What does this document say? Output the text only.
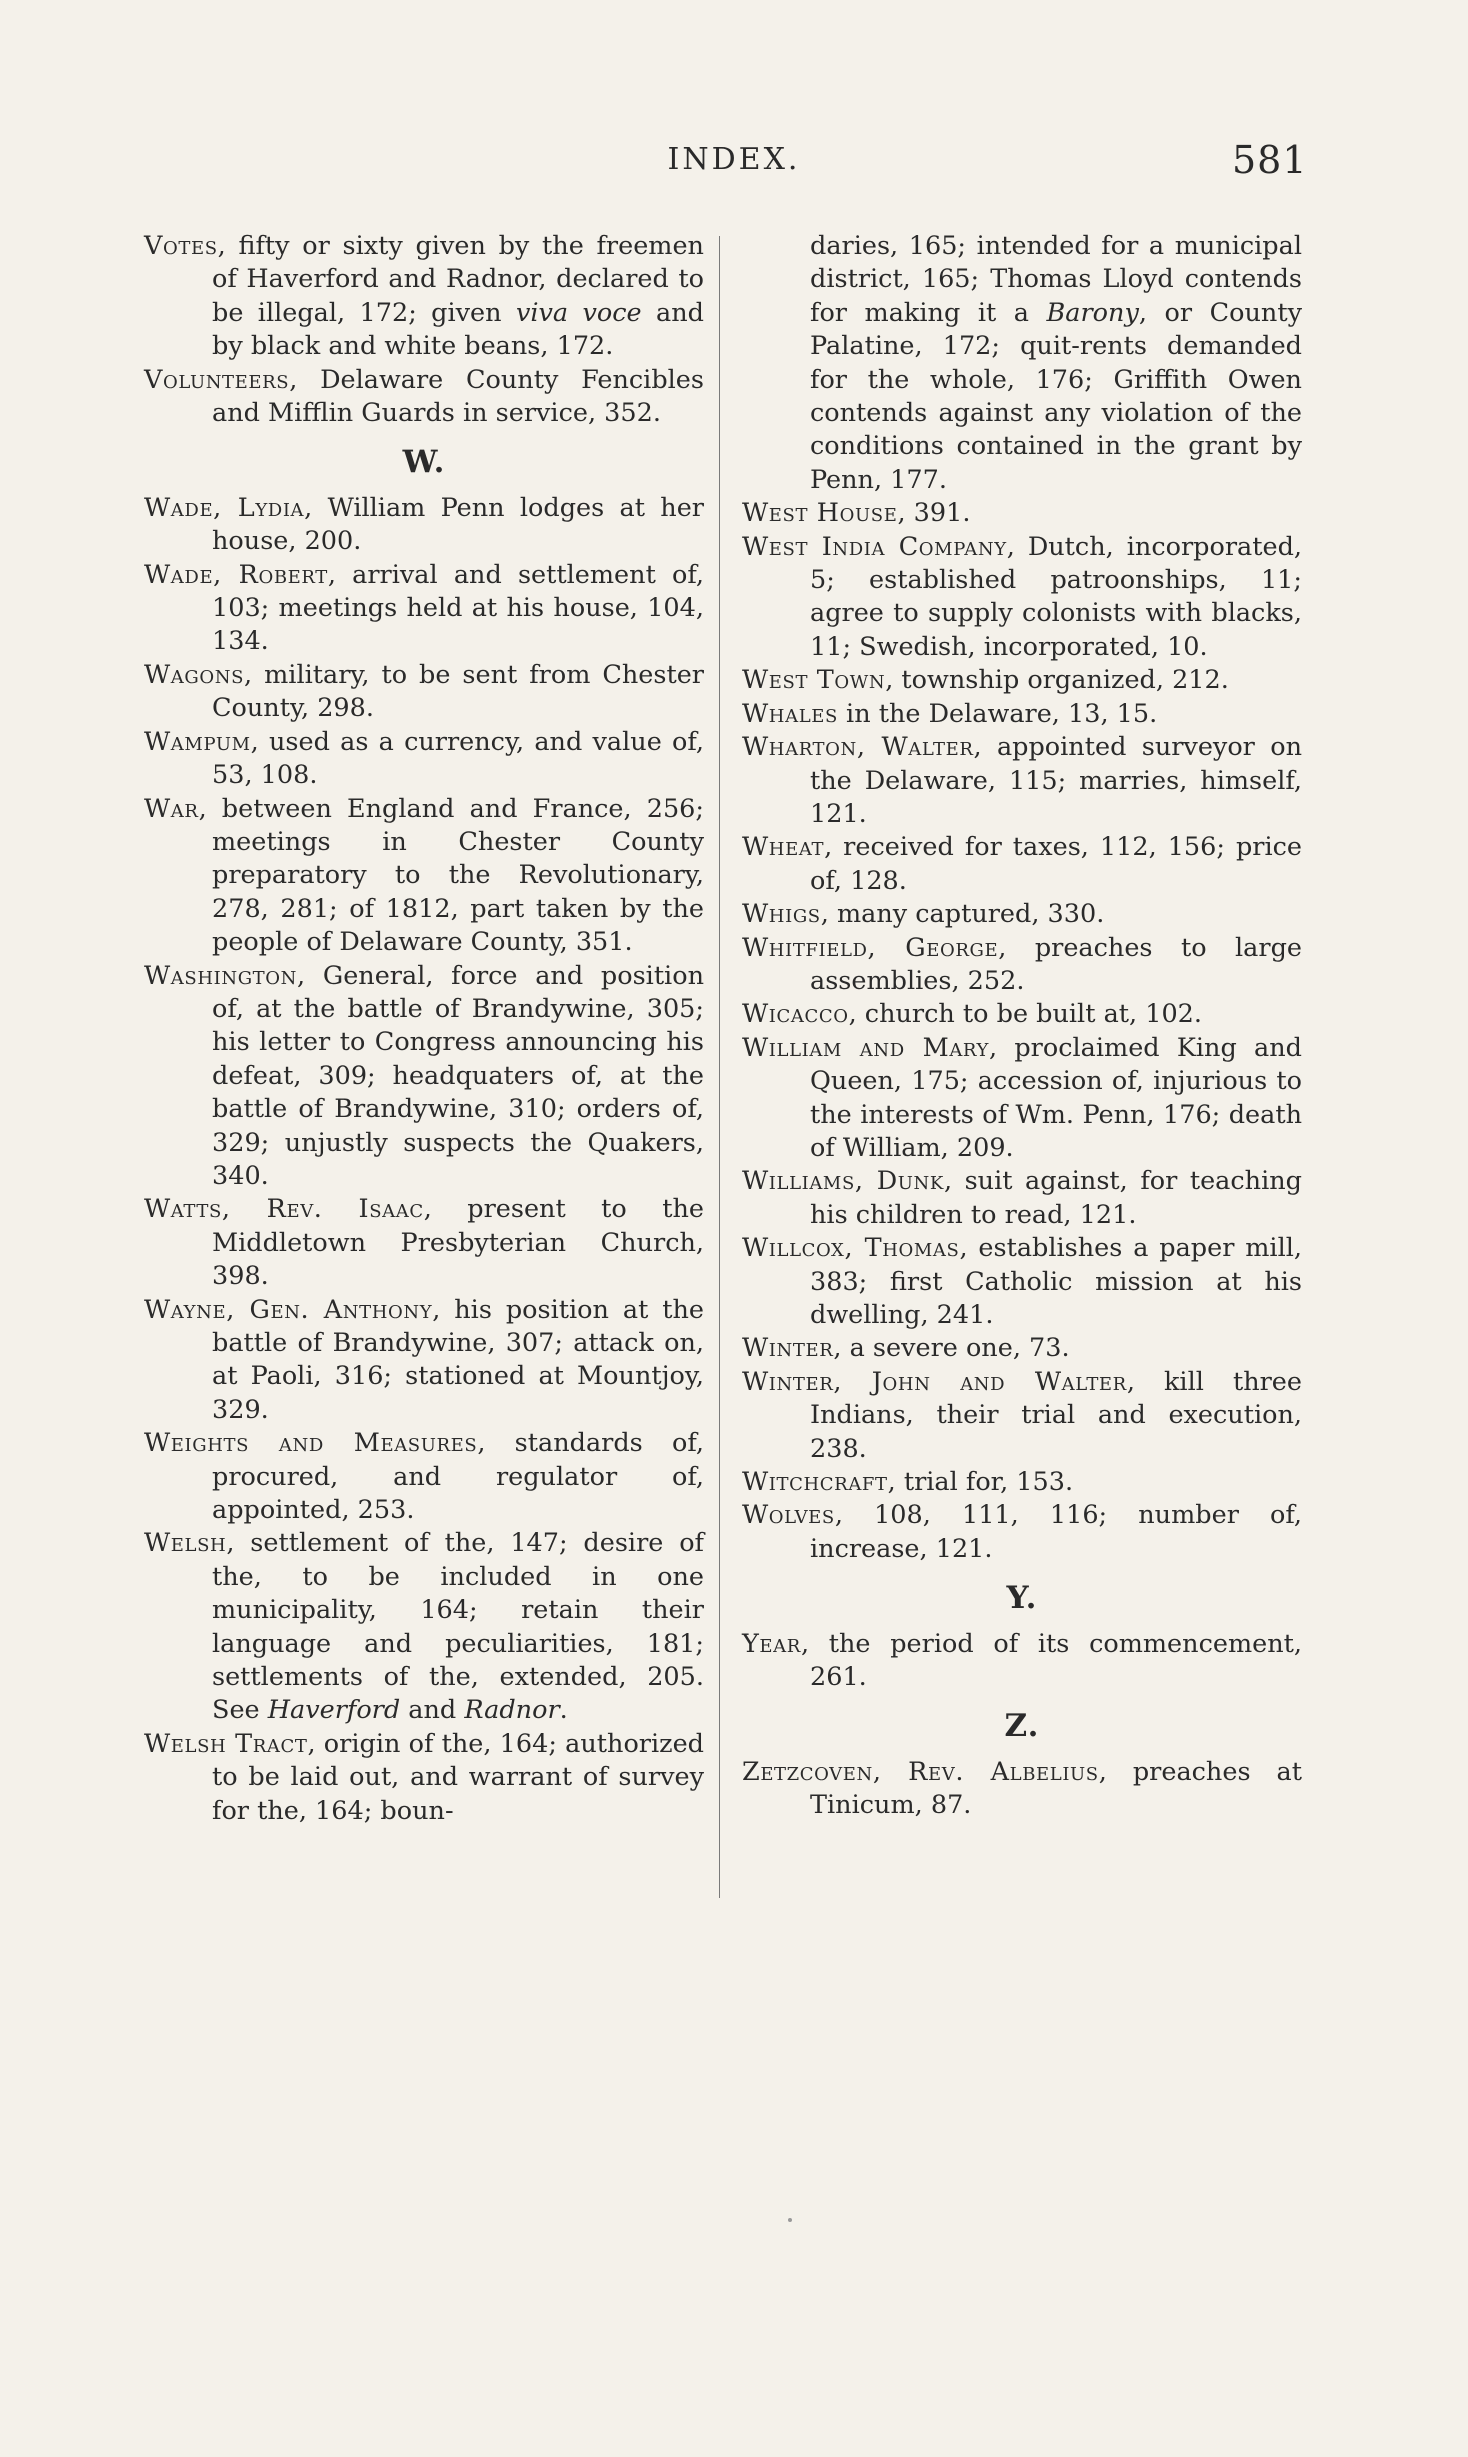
INDEX.	581

Votes, fifty or sixty given by the freemen of Haverford and Radnor, declared to be illegal, 172; given viva voce and by black and white beans, 172.

Volunteers, Delaware County Fencibles and Mifflin Guards in service, 352.

W.

Wade, Lydia, William Penn lodges at her house, 200.

Wade, Robert, arrival and settlement of, 103; meetings held at his house, 104, 134.

Wagons, military, to be sent from Chester County, 298.

Wampum, used as a currency, and value of, 53, 108.

War, between England and France, 256; meetings in Chester County preparatory to the Revolutionary, 278, 281; of 1812, part taken by the people of Delaware County, 351.

Washington, General, force and position of, at the battle of Brandywine, 305; his letter to Congress announcing his defeat, 309; headquaters of, at the battle of Brandywine, 310; orders of, 329; unjustly suspects the Quakers, 340.

Watts, Rev. Isaac, present to the Middletown Presbyterian Church, 398.

Wayne, Gen. Anthony, his position at the battle of Brandywine, 307; attack on, at Paoli, 316; stationed at Mountjoy, 329.

Weights and Measures, standards of, procured, and regulator of, appointed, 253.

Welsh, settlement of the, 147; desire of the, to be included in one municipality, 164; retain their language and peculiarities, 181; settlements of the, extended, 205. See Haverford and Radnor.

Welsh Tract, origin of the, 164; authorized to be laid out, and warrant of survey for the, 164; boun-

daries, 165; intended for a municipal district, 165; Thomas Lloyd contends for making it a Barony, or County Palatine, 172; quit-rents demanded for the whole, 176; Griffith Owen contends against any violation of the conditions contained in the grant by Penn, 177.

West House, 391.

West India Company, Dutch, incorporated, 5; established patroonships, 11; agree to supply colonists with blacks, 11; Swedish, incorporated, 10.

West Town, township organized, 212.

Whales in the Delaware, 13, 15.

Wharton, Walter, appointed surveyor on the Delaware, 115; marries, himself, 121.

Wheat, received for taxes, 112, 156; price of, 128.

Whigs, many captured, 330.

Whitfield, George, preaches to large assemblies, 252.

Wicacco, church to be built at, 102.

William and Mary, proclaimed King and Queen, 175; accession of, injurious to the interests of Wm. Penn, 176; death of William, 209.

Williams, Dunk, suit against, for teaching his children to read, 121.

Willcox, Thomas, establishes a paper mill, 383; first Catholic mission at his dwelling, 241.

Winter, a severe one, 73.

Winter, John and Walter, kill three Indians, their trial and execution, 238.

Witchcraft, trial for, 153.

Wolves, 108, 111, 116; number of, increase, 121.

Y.

Year, the period of its commencement, 261.

Z.

Zetzcoven, Rev. Albelius, preaches at Tinicum, 87.
